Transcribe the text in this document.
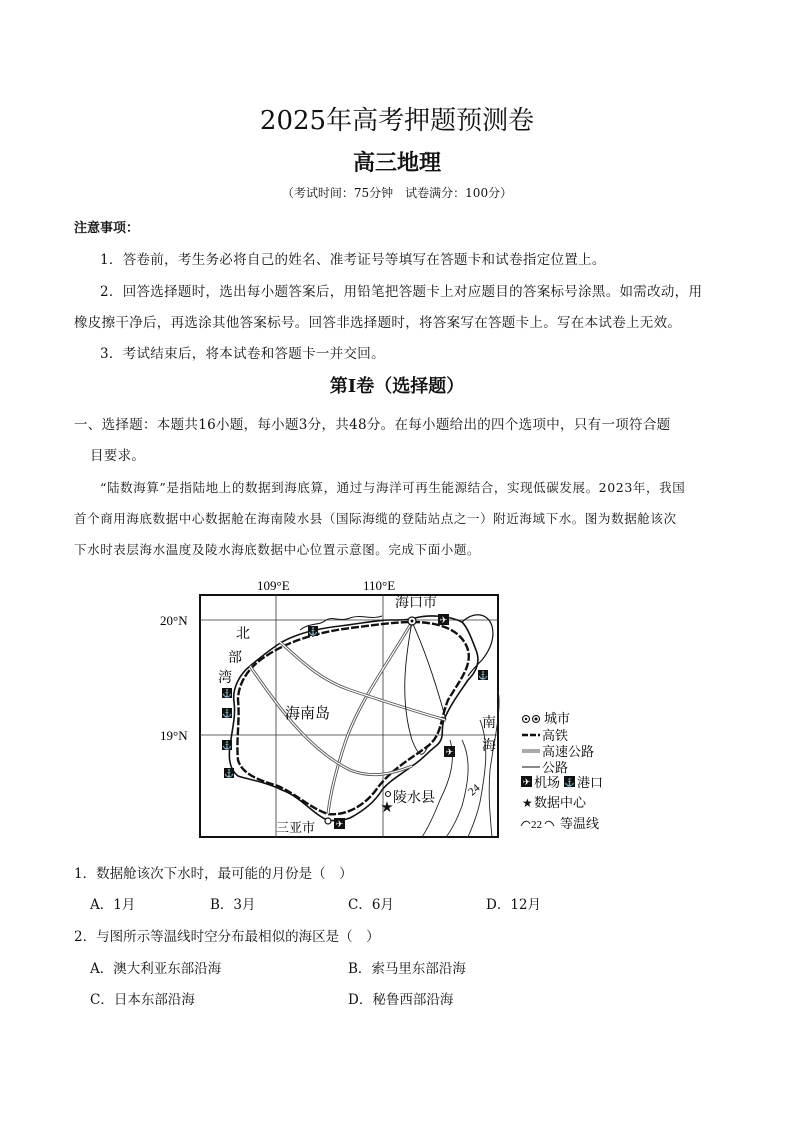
2025年高考押题预测卷
高三地理
（考试时间：75分钟　试卷满分：100分）
注意事项：
1．答卷前，考生务必将自己的姓名、准考证号等填写在答题卡和试卷指定位置上。
2．回答选择题时，选出每小题答案后，用铅笔把答题卡上对应题目的答案标号涂黑。如需改动，用
橡皮擦干净后，再选涂其他答案标号。回答非选择题时，将答案写在答题卡上。写在本试卷上无效。
3．考试结束后，将本试卷和答题卡一并交回。
第Ⅰ卷（选择题）
一、选择题：本题共16小题，每小题3分，共48分。在每小题给出的四个选项中，只有一项符合题
目要求。
“陆数海算”是指陆地上的数据到海底算，通过与海洋可再生能源结合，实现低碳发展。2023年，我国
首个商用海底数据中心数据舱在海南陵水县（国际海缆的登陆站点之一）附近海域下水。图为数据舱该次
下水时表层海水温度及陵水海底数据中心位置示意图。完成下面小题。
109°E	110°E
20°N
19°N
24
✈
✈
✈
⚓
⚓
⚓
⚓
⚓
⚓
★
海口市
海南岛
北
部
湾
南
海
三亚市
陵水县
城市
高铁
高速公路
公路
✈ 机场 ⚓ 港口
★ 数据中心
22 等温线
1．数据舱该次下水时，最可能的月份是（　）
A．1月	B．3月	C．6月	D．12月
2．与图所示等温线时空分布最相似的海区是（　）
A．澳大利亚东部沿海	B．索马里东部沿海
C．日本东部沿海	D．秘鲁西部沿海
